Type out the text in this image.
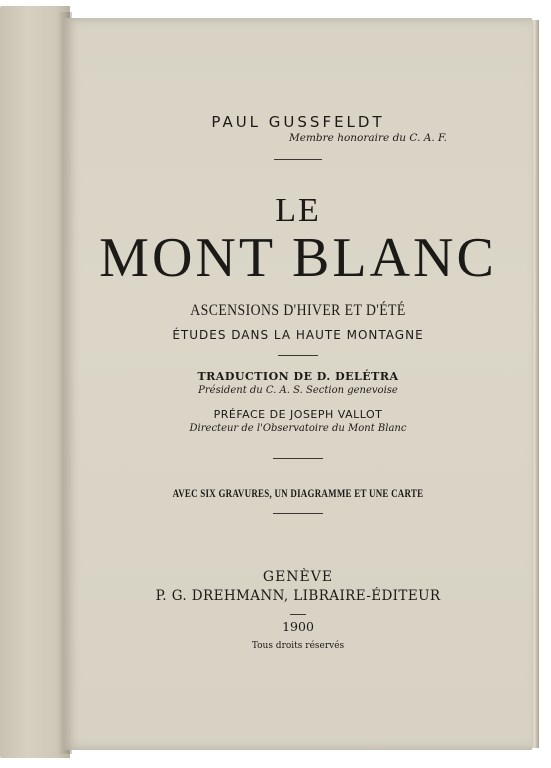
PAUL GUSSFELDT
Membre honoraire du C. A. F.
LE
MONT BLANC
ASCENSIONS D'HIVER ET D'ÉTÉ
ÉTUDES DANS LA HAUTE MONTAGNE
TRADUCTION DE D. DELÉTRA
Président du C. A. S. Section genevoise
PRÉFACE DE JOSEPH VALLOT
Directeur de l'Observatoire du Mont Blanc
AVEC SIX GRAVURES, UN DIAGRAMME ET UNE CARTE
GENÈVE
P. G. DREHMANN, LIBRAIRE-ÉDITEUR
1900
Tous droits réservés
